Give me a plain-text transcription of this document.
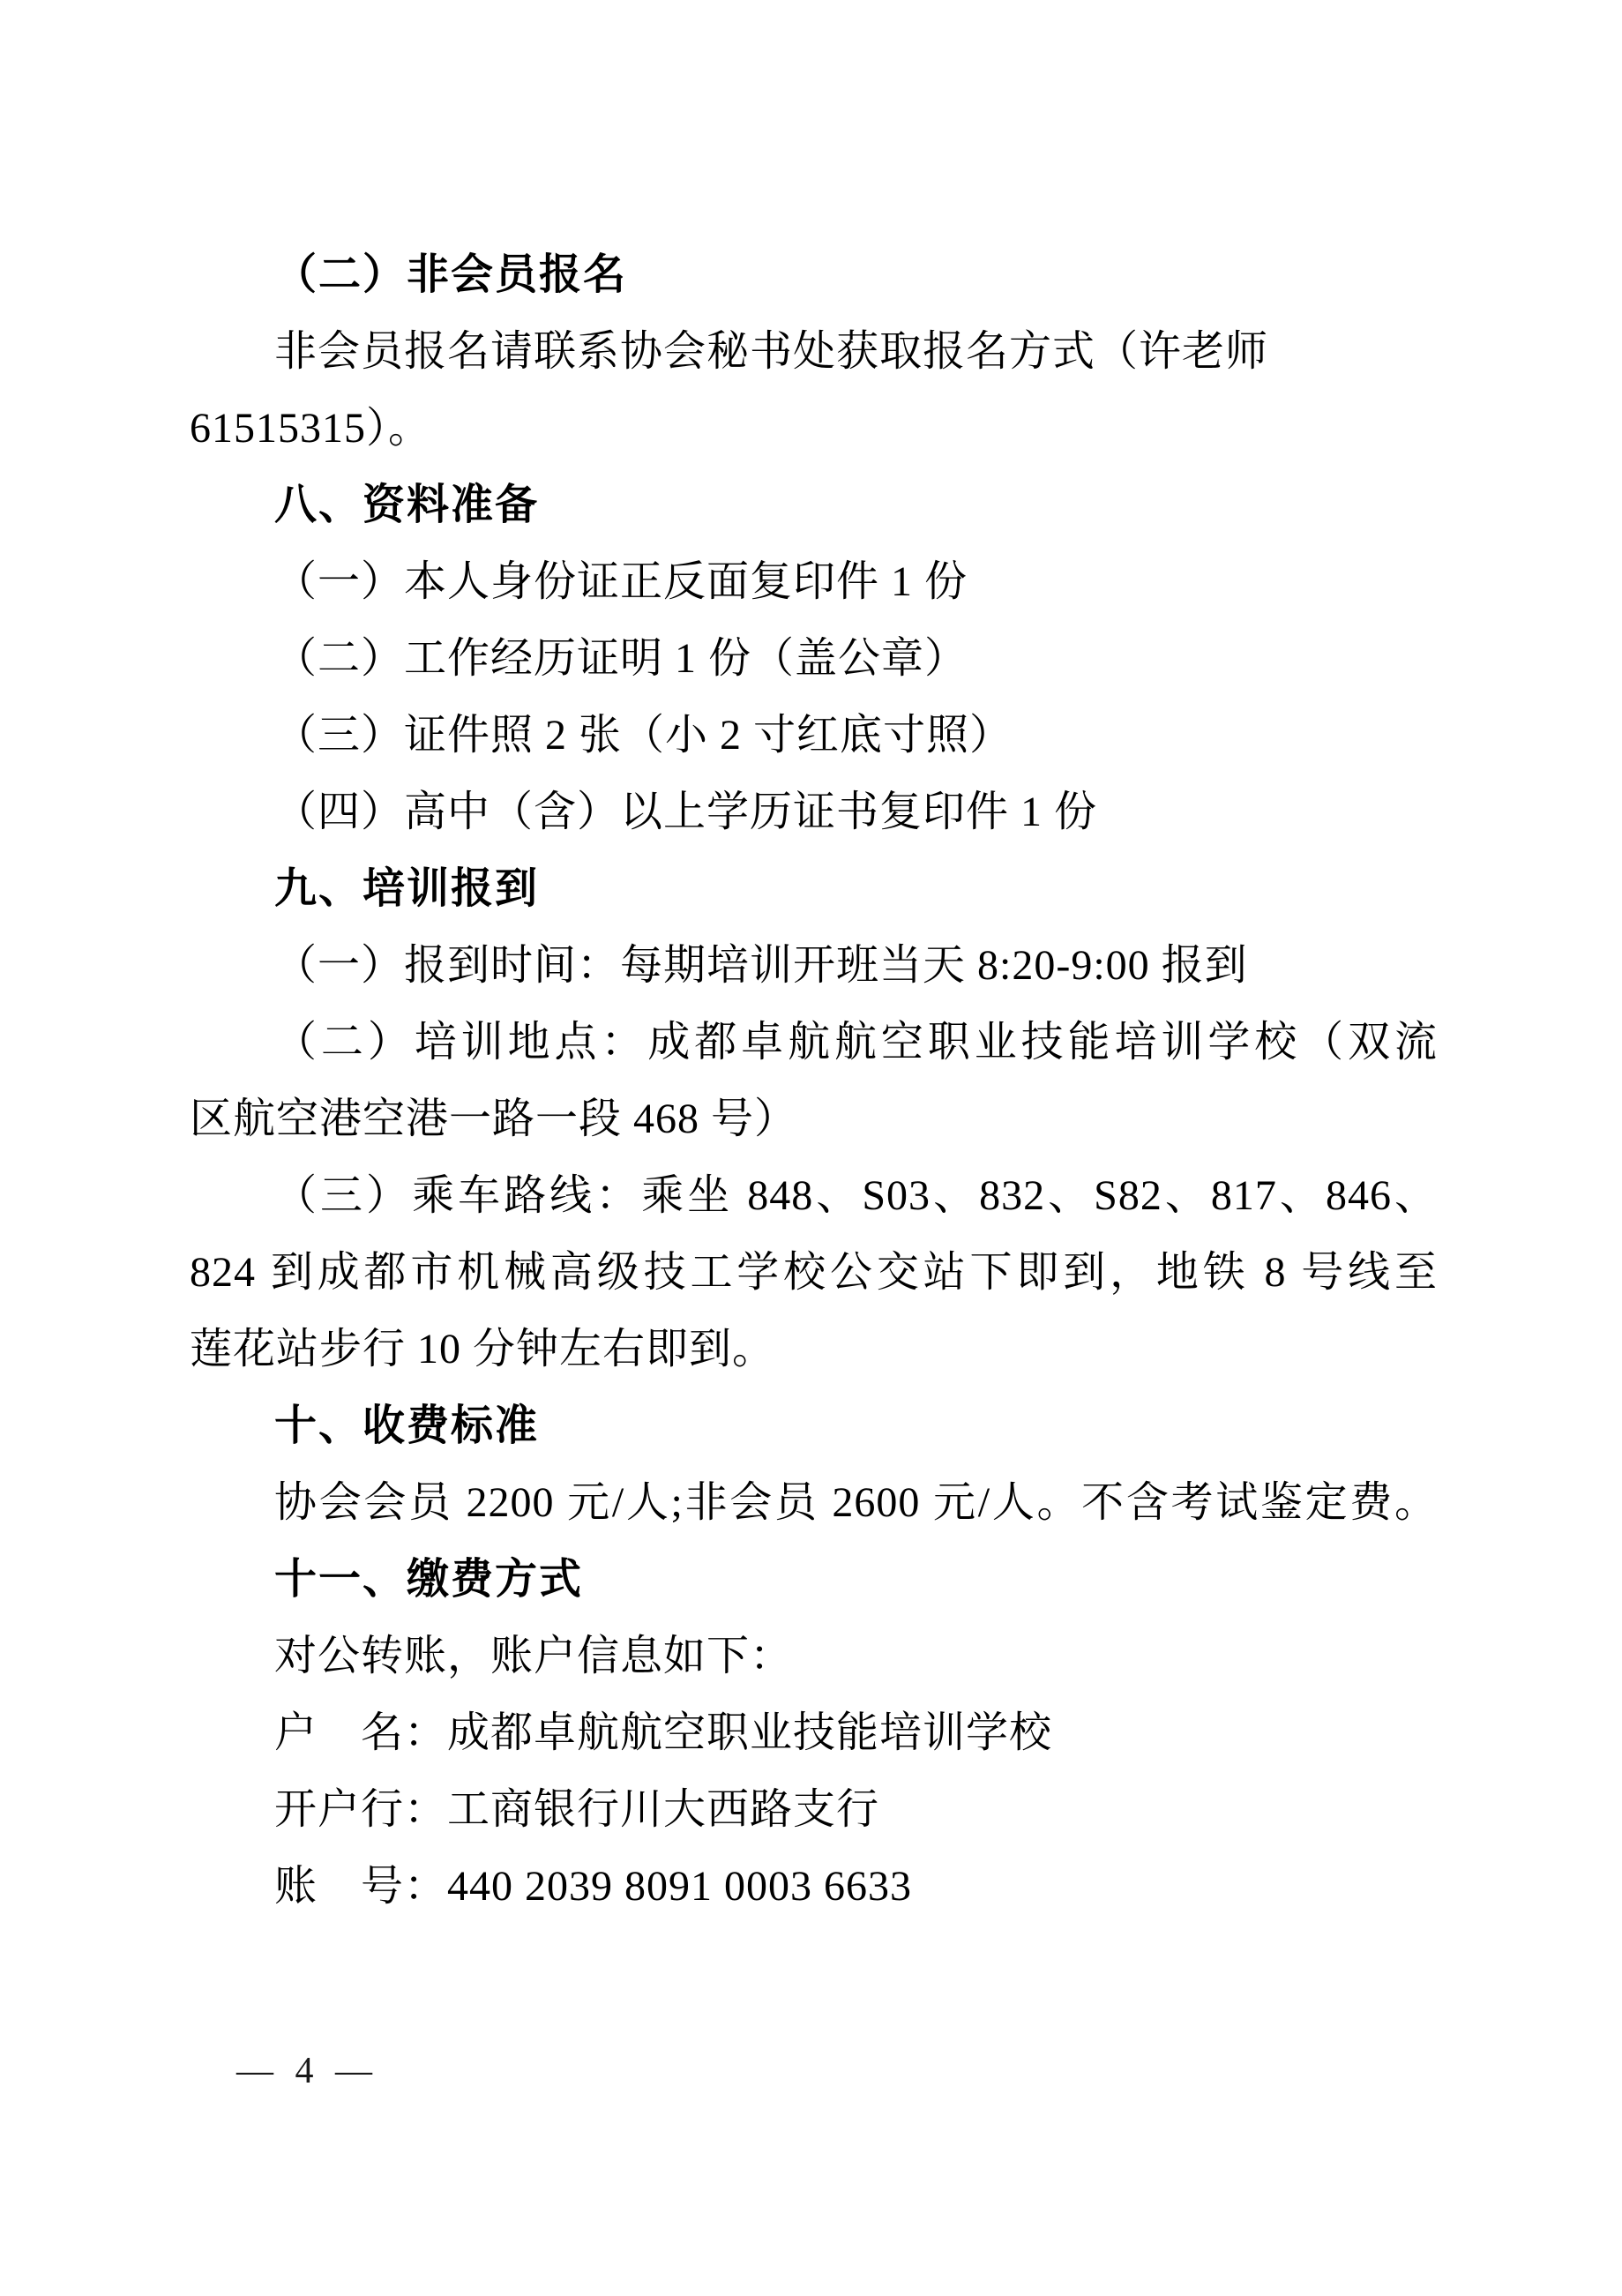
（二）非会员报名
非会员报名请联系协会秘书处获取报名方式（许老师
61515315）。
八、资料准备
（一）本人身份证正反面复印件 1 份
（二）工作经历证明 1 份（盖公章）
（三）证件照 2 张（小 2 寸红底寸照）
（四）高中（含）以上学历证书复印件 1 份
九、培训报到
（一）报到时间：每期培训开班当天 8:20-9:00 报到
（二）培训地点：成都卓航航空职业技能培训学校（双流
区航空港空港一路一段 468 号）
（三）乘车路线：乘坐 848、S03、832、S82、817、846、
824 到成都市机械高级技工学校公交站下即到，地铁 8 号线至
莲花站步行 10 分钟左右即到。
十、收费标准
协会会员 2200 元/人;非会员 2600 元/人。不含考试鉴定费。
十一、缴费方式
对公转账，账户信息如下：
户　名：成都卓航航空职业技能培训学校
开户行：工商银行川大西路支行
账　号：440 2039 8091 0003 6633
— 4 —
